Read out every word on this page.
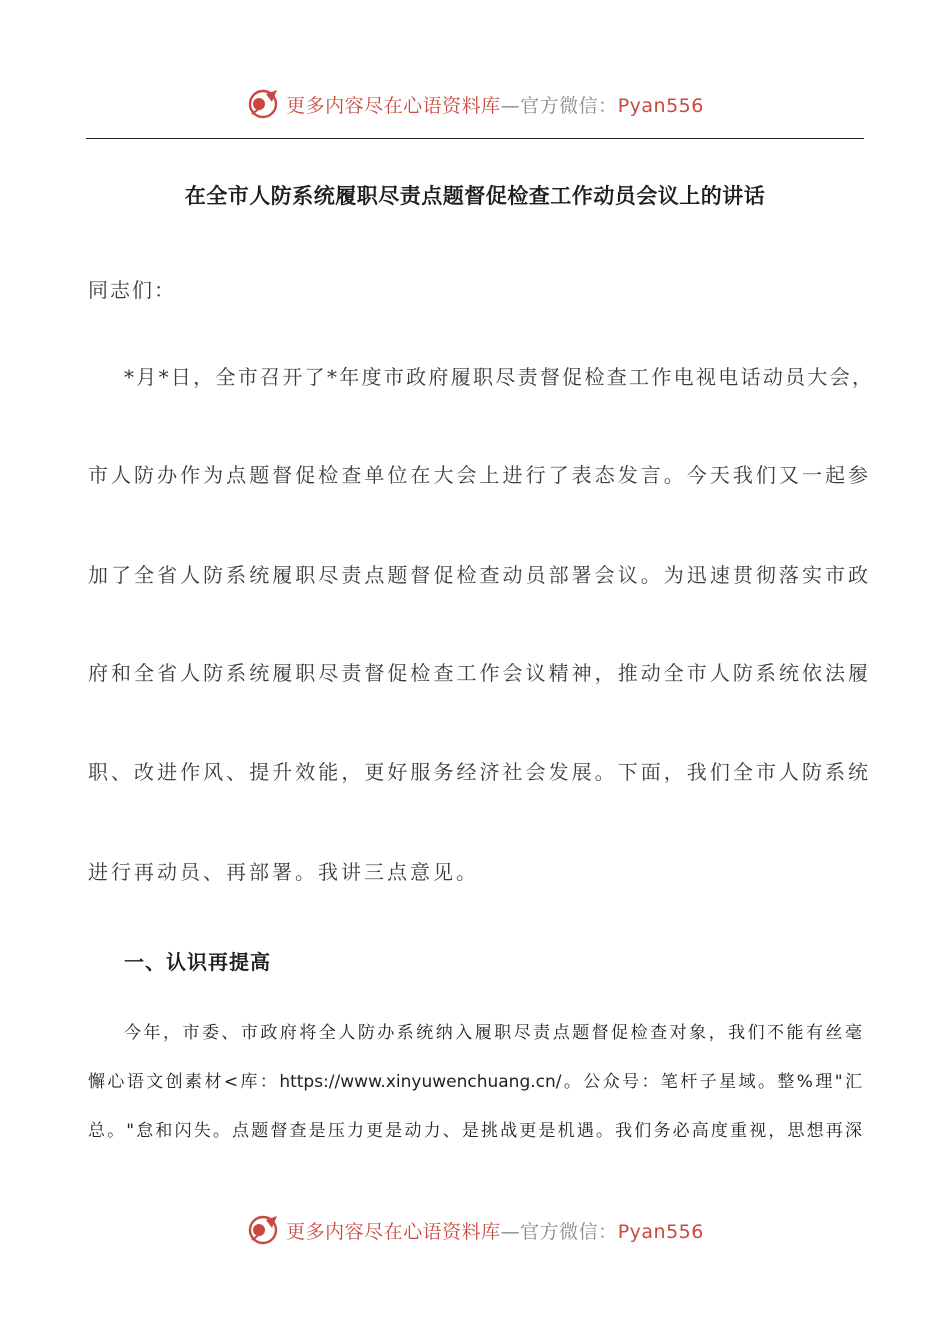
更多内容尽在心语资料库—官方微信：Pyan556
在全市人防系统履职尽责点题督促检查工作动员会议上的讲话
同志们：
*月*日，全市召开了*年度市政府履职尽责督促检查工作电视电话动员大会，
市人防办作为点题督促检查单位在大会上进行了表态发言。今天我们又一起参
加了全省人防系统履职尽责点题督促检查动员部署会议。为迅速贯彻落实市政
府和全省人防系统履职尽责督促检查工作会议精神，推动全市人防系统依法履
职、改进作风、提升效能，更好服务经济社会发展。下面，我们全市人防系统
进行再动员、再部署。我讲三点意见。
一、认识再提高
今年，市委、市政府将全人防办系统纳入履职尽责点题督促检查对象，我们不能有丝毫
懈心语文创素材<库：https://www.xinyuwenchuang.cn/。公众号：笔杆子星域。整%理"汇
总。"怠和闪失。点题督查是压力更是动力、是挑战更是机遇。我们务必高度重视，思想再深
更多内容尽在心语资料库—官方微信：Pyan556
